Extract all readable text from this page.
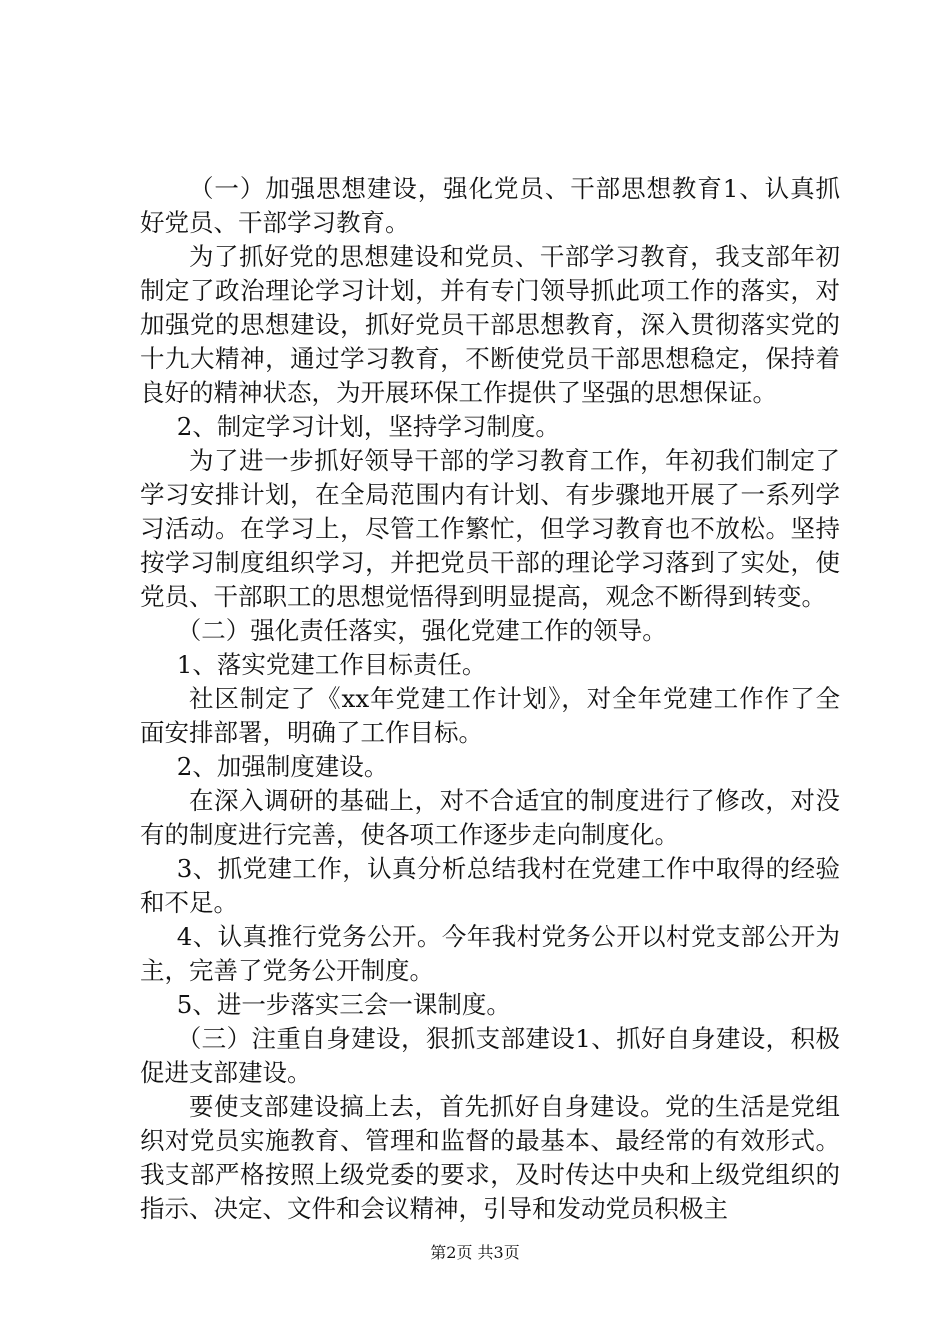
（一）加强思想建设，强化党员、干部思想教育1、认真抓好党员、干部学习教育。

为了抓好党的思想建设和党员、干部学习教育，我支部年初制定了政治理论学习计划，并有专门领导抓此项工作的落实，对加强党的思想建设，抓好党员干部思想教育，深入贯彻落实党的十九大精神，通过学习教育，不断使党员干部思想稳定，保持着良好的精神状态，为开展环保工作提供了坚强的思想保证。

2、制定学习计划，坚持学习制度。

为了进一步抓好领导干部的学习教育工作，年初我们制定了学习安排计划，在全局范围内有计划、有步骤地开展了一系列学习活动。在学习上，尽管工作繁忙，但学习教育也不放松。坚持按学习制度组织学习，并把党员干部的理论学习落到了实处，使党员、干部职工的思想觉悟得到明显提高，观念不断得到转变。

（二）强化责任落实，强化党建工作的领导。

1、落实党建工作目标责任。

社区制定了《xx年党建工作计划》，对全年党建工作作了全面安排部署，明确了工作目标。

2、加强制度建设。

在深入调研的基础上，对不合适宜的制度进行了修改，对没有的制度进行完善，使各项工作逐步走向制度化。

3、抓党建工作，认真分析总结我村在党建工作中取得的经验和不足。

4、认真推行党务公开。今年我村党务公开以村党支部公开为主，完善了党务公开制度。

5、进一步落实三会一课制度。

（三）注重自身建设，狠抓支部建设1、抓好自身建设，积极促进支部建设。

要使支部建设搞上去，首先抓好自身建设。党的生活是党组织对党员实施教育、管理和监督的最基本、最经常的有效形式。我支部严格按照上级党委的要求，及时传达中央和上级党组织的指示、决定、文件和会议精神，引导和发动党员积极主

第2页 共3页
